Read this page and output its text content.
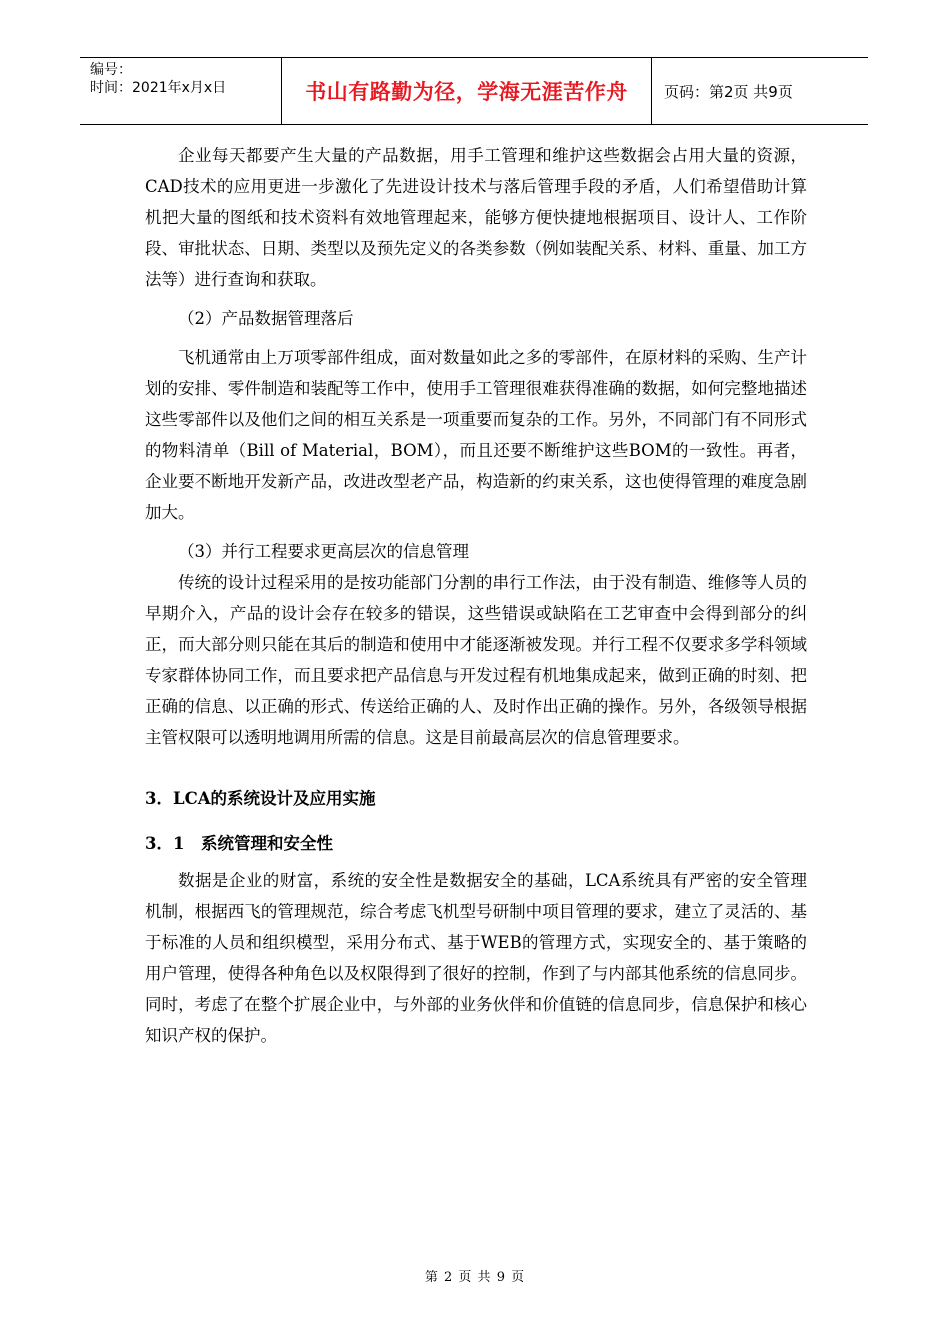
编号：
时间：2021年x月x日	书山有路勤为径，学海无涯苦作舟	页码：第2页 共9页

企业每天都要产生大量的产品数据，用手工管理和维护这些数据会占用大量的资源，CAD技术的应用更进一步激化了先进设计技术与落后管理手段的矛盾，人们希望借助计算机把大量的图纸和技术资料有效地管理起来，能够方便快捷地根据项目、设计人、工作阶段、审批状态、日期、类型以及预先定义的各类参数（例如装配关系、材料、重量、加工方法等）进行查询和获取。

（2）产品数据管理落后

飞机通常由上万项零部件组成，面对数量如此之多的零部件，在原材料的采购、生产计划的安排、零件制造和装配等工作中，使用手工管理很难获得准确的数据，如何完整地描述这些零部件以及他们之间的相互关系是一项重要而复杂的工作。另外，不同部门有不同形式的物料清单（Bill of Material，BOM），而且还要不断维护这些BOM的一致性。再者，企业要不断地开发新产品，改进改型老产品，构造新的约束关系，这也使得管理的难度急剧加大。

（3）并行工程要求更高层次的信息管理

传统的设计过程采用的是按功能部门分割的串行工作法，由于没有制造、维修等人员的早期介入，产品的设计会存在较多的错误，这些错误或缺陷在工艺审查中会得到部分的纠正，而大部分则只能在其后的制造和使用中才能逐渐被发现。并行工程不仅要求多学科领域专家群体协同工作，而且要求把产品信息与开发过程有机地集成起来，做到正确的时刻、把正确的信息、以正确的形式、传送给正确的人、及时作出正确的操作。另外，各级领导根据主管权限可以透明地调用所需的信息。这是目前最高层次的信息管理要求。

3．LCA的系统设计及应用实施
3．1　系统管理和安全性

数据是企业的财富，系统的安全性是数据安全的基础，LCA系统具有严密的安全管理机制，根据西飞的管理规范，综合考虑飞机型号研制中项目管理的要求，建立了灵活的、基于标准的人员和组织模型，采用分布式、基于WEB的管理方式，实现安全的、基于策略的用户管理，使得各种角色以及权限得到了很好的控制，作到了与内部其他系统的信息同步。同时，考虑了在整个扩展企业中，与外部的业务伙伴和价值链的信息同步，信息保护和核心知识产权的保护。

第 2 页 共 9 页
